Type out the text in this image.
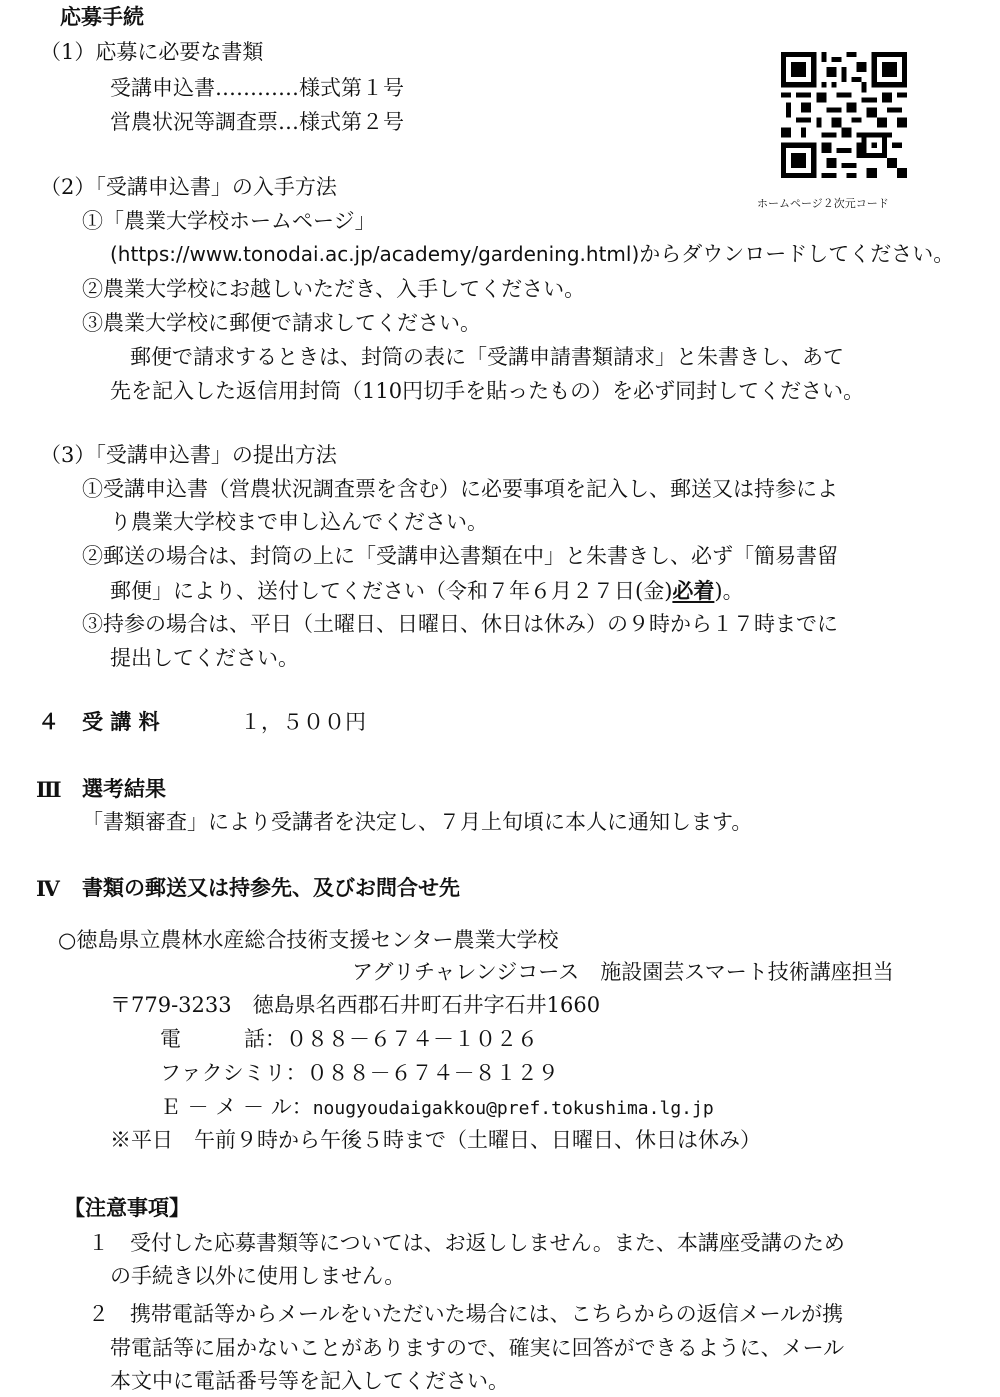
応募手続
（1）応募に必要な書類
受講申込書…………様式第１号
営農状況等調査票…様式第２号
ホームページ２次元コード
（2）「受講申込書」の入手方法
①「農業大学校ホームページ」
(https://www.tonodai.ac.jp/academy/gardening.html)からダウンロードしてください。
②農業大学校にお越しいただき、入手してください。
③農業大学校に郵便で請求してください。
郵便で請求するときは、封筒の表に「受講申請書類請求」と朱書きし、あて
先を記入した返信用封筒（110円切手を貼ったもの）を必ず同封してください。
（3）「受講申込書」の提出方法
①受講申込書（営農状況調査票を含む）に必要事項を記入し、郵送又は持参によ
り農業大学校まで申し込んでください。
②郵送の場合は、封筒の上に「受講申込書類在中」と朱書きし、必ず「簡易書留
郵便」により、送付してください（令和７年６月２７日(金)必着)。
③持参の場合は、平日（土曜日、日曜日、休日は休み）の９時から１７時までに
提出してください。
４ 受 講 料	１，５００円
Ⅲ 選考結果
「書類審査」により受講者を決定し、７月上旬頃に本人に通知します。
Ⅳ 書類の郵送又は持参先、及びお問合せ先
○徳島県立農林水産総合技術支援センター農業大学校
アグリチャレンジコース　施設園芸スマート技術講座担当
〒779-3233　徳島県名西郡石井町石井字石井1660
電　　　話：０８８－６７４－１０２６
ファクシミリ：０８８－６７４－８１２９
Ｅ － メ － ル：nougyoudaigakkou@pref.tokushima.lg.jp
※平日　午前９時から午後５時まで（土曜日、日曜日、休日は休み）
【注意事項】
１　受付した応募書類等については、お返ししません。また、本講座受講のため
の手続き以外に使用しません。
２　携帯電話等からメールをいただいた場合には、こちらからの返信メールが携
帯電話等に届かないことがありますので、確実に回答ができるように、メール
本文中に電話番号等を記入してください。
